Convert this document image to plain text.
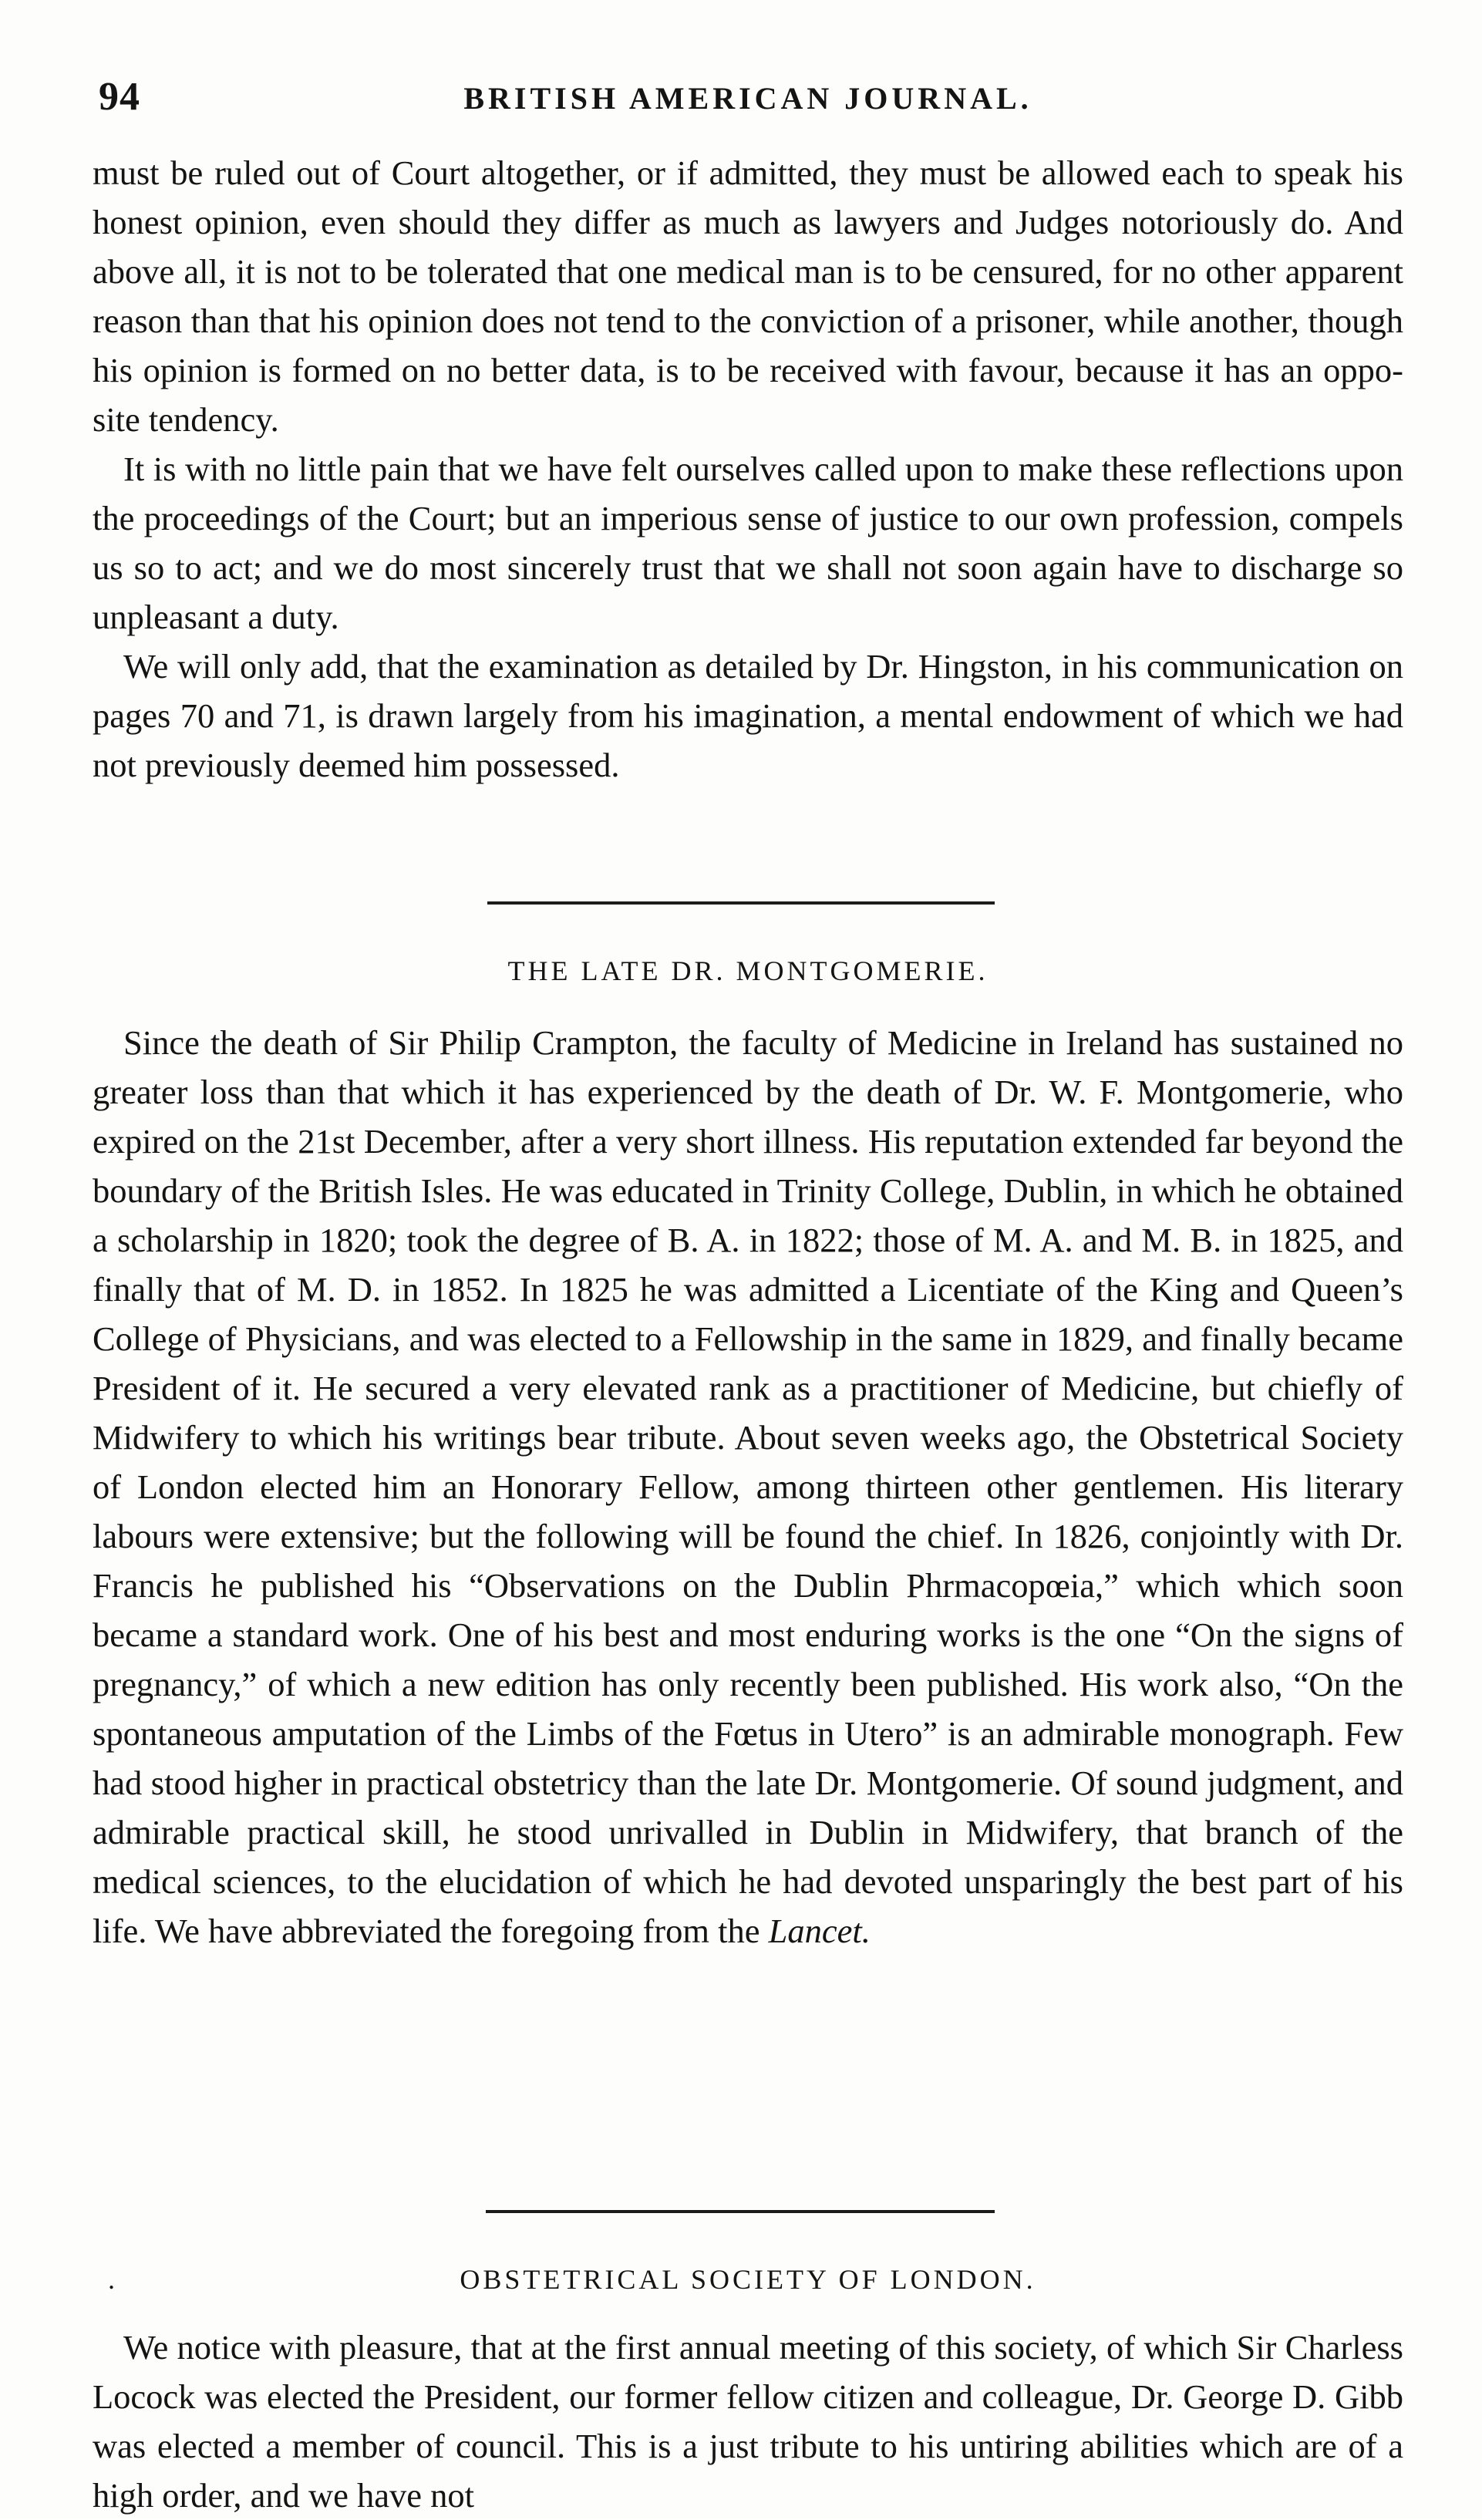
94	BRITISH AMERICAN JOURNAL.

must be ruled out of Court altogether, or if admitted, they must be allowed each to speak his honest opinion, even should they differ as much as lawyers and Judges notoriously do. And above all, it is not to be tolerated that one medical man is to be censured, for no other apparent reason than that his opinion does not tend to the conviction of a prisoner, while another, though his opinion is formed on no better data, is to be received with favour, because it has an opposite tendency.

It is with no little pain that we have felt ourselves called upon to make these reflections upon the proceedings of the Court; but an imperious sense of justice to our own profession, compels us so to act; and we do most sincerely trust that we shall not soon again have to discharge so unpleasant a duty.

We will only add, that the examination as detailed by Dr. Hingston, in his communication on pages 70 and 71, is drawn largely from his imagination, a mental endowment of which we had not previously deemed him possessed.

THE LATE DR. MONTGOMERIE.

Since the death of Sir Philip Crampton, the faculty of Medicine in Ireland has sustained no greater loss than that which it has experienced by the death of Dr. W. F. Montgomerie, who expired on the 21st December, after a very short illness. His reputation extended far beyond the boundary of the British Isles. He was educated in Trinity College, Dublin, in which he obtained a scholarship in 1820; took the degree of B. A. in 1822; those of M. A. and M. B. in 1825, and finally that of M. D. in 1852. In 1825 he was admitted a Licentiate of the King and Queen’s College of Physicians, and was elected to a Fellowship in the same in 1829, and finally became President of it. He secured a very elevated rank as a practitioner of Medicine, but chiefly of Midwifery to which his writings bear tribute. About seven weeks ago, the Obstetrical Society of London elected him an Honorary Fellow, among thirteen other gentlemen. His literary labours were extensive; but the following will be found the chief. In 1826, conjointly with Dr. Francis he published his “Observations on the Dublin Phrmacopœia,” which which soon became a standard work. One of his best and most enduring works is the one “On the signs of pregnancy,” of which a new edition has only recently been published. His work also, “On the spontaneous amputation of the Limbs of the Fœtus in Utero” is an admirable monograph. Few had stood higher in practical obstetricy than the late Dr. Montgomerie. Of sound judgment, and admirable practical skill, he stood unrivalled in Dublin in Midwifery, that branch of the medical sciences, to the elucidation of which he had devoted unsparingly the best part of his life. We have abbreviated the foregoing from the Lancet.

.	OBSTETRICAL SOCIETY OF LONDON.

We notice with pleasure, that at the first annual meeting of this society, of which Sir Charless Locock was elected the President, our former fellow citizen and colleague, Dr. George D. Gibb was elected a member of council. This is a just tribute to his untiring abilities which are of a high order, and we have not
